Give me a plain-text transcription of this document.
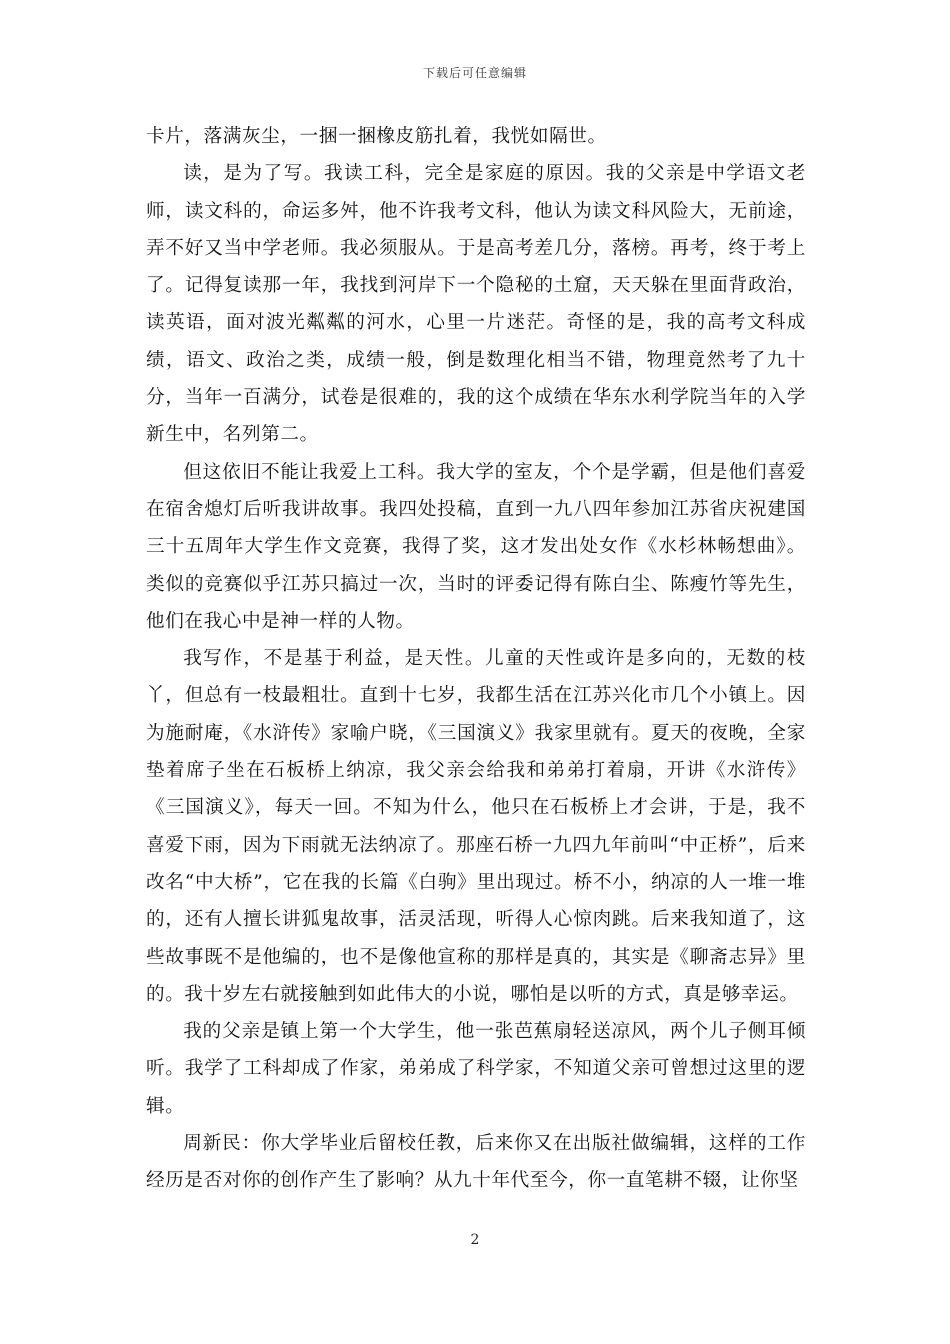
下载后可任意编辑

卡片，落满灰尘，一捆一捆橡皮筋扎着，我恍如隔世。

读，是为了写。我读工科，完全是家庭的原因。我的父亲是中学语文老师，读文科的，命运多舛，他不许我考文科，他认为读文科风险大，无前途，弄不好又当中学老师。我必须服从。于是高考差几分，落榜。再考，终于考上了。记得复读那一年，我找到河岸下一个隐秘的土窟，天天躲在里面背政治，读英语，面对波光粼粼的河水，心里一片迷茫。奇怪的是，我的高考文科成绩，语文、政治之类，成绩一般，倒是数理化相当不错，物理竟然考了九十分，当年一百满分，试卷是很难的，我的这个成绩在华东水利学院当年的入学新生中，名列第二。

但这依旧不能让我爱上工科。我大学的室友，个个是学霸，但是他们喜爱在宿舍熄灯后听我讲故事。我四处投稿，直到一九八四年参加江苏省庆祝建国三十五周年大学生作文竞赛，我得了奖，这才发出处女作《水杉林畅想曲》。类似的竞赛似乎江苏只搞过一次，当时的评委记得有陈白尘、陈瘦竹等先生，他们在我心中是神一样的人物。

我写作，不是基于利益，是天性。儿童的天性或许是多向的，无数的枝丫，但总有一枝最粗壮。直到十七岁，我都生活在江苏兴化市几个小镇上。因为施耐庵，《水浒传》家喻户晓，《三国演义》我家里就有。夏天的夜晚，全家垫着席子坐在石板桥上纳凉，我父亲会给我和弟弟打着扇，开讲《水浒传》《三国演义》，每天一回。不知为什么，他只在石板桥上才会讲，于是，我不喜爱下雨，因为下雨就无法纳凉了。那座石桥一九四九年前叫“中正桥”，后来改名“中大桥”，它在我的长篇《白驹》里出现过。桥不小，纳凉的人一堆一堆的，还有人擅长讲狐鬼故事，活灵活现，听得人心惊肉跳。后来我知道了，这些故事既不是他编的，也不是像他宣称的那样是真的，其实是《聊斋志异》里的。我十岁左右就接触到如此伟大的小说，哪怕是以听的方式，真是够幸运。

我的父亲是镇上第一个大学生，他一张芭蕉扇轻送凉风，两个儿子侧耳倾听。我学了工科却成了作家，弟弟成了科学家，不知道父亲可曾想过这里的逻辑。

周新民：你大学毕业后留校任教，后来你又在出版社做编辑，这样的工作经历是否对你的创作产生了影响？从九十年代至今，你一直笔耕不辍，让你坚

2
